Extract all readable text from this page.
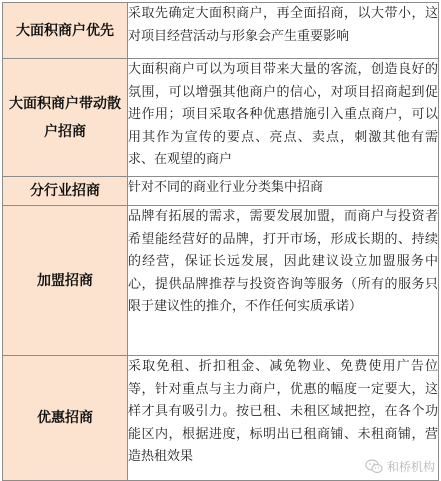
大面积商户优先	采取先确定大面积商户，再全面招商，以大带小，这对项目经营活动与形象会产生重要影响
大面积商户带动散户招商	大面积商户可以为项目带来大量的客流，创造良好的氛围，可以增强其他商户的信心，对项目招商起到促进作用；项目采取各种优惠措施引入重点商户，可以用其作为宣传的要点、亮点、卖点，刺激其他有需求、在观望的商户
分行业招商	针对不同的商业行业分类集中招商
加盟招商	品牌有拓展的需求，需要发展加盟，而商户与投资者希望能经营好的品牌，打开市场，形成长期的、持续的经营，保证长远发展，因此建议设立加盟服务中心，提供品牌推荐与投资咨询等服务（所有的服务只限于建议性的推介，不作任何实质承诺）
优惠招商	采取免租、折扣租金、减免物业、免费使用广告位等，针对重点与主力商户，优惠的幅度一定要大，这样才具有吸引力。按已租、未租区域把控，在各个功能区内，根据进度，标明出已租商铺、未租商铺，营造热租效果
和桥机构
